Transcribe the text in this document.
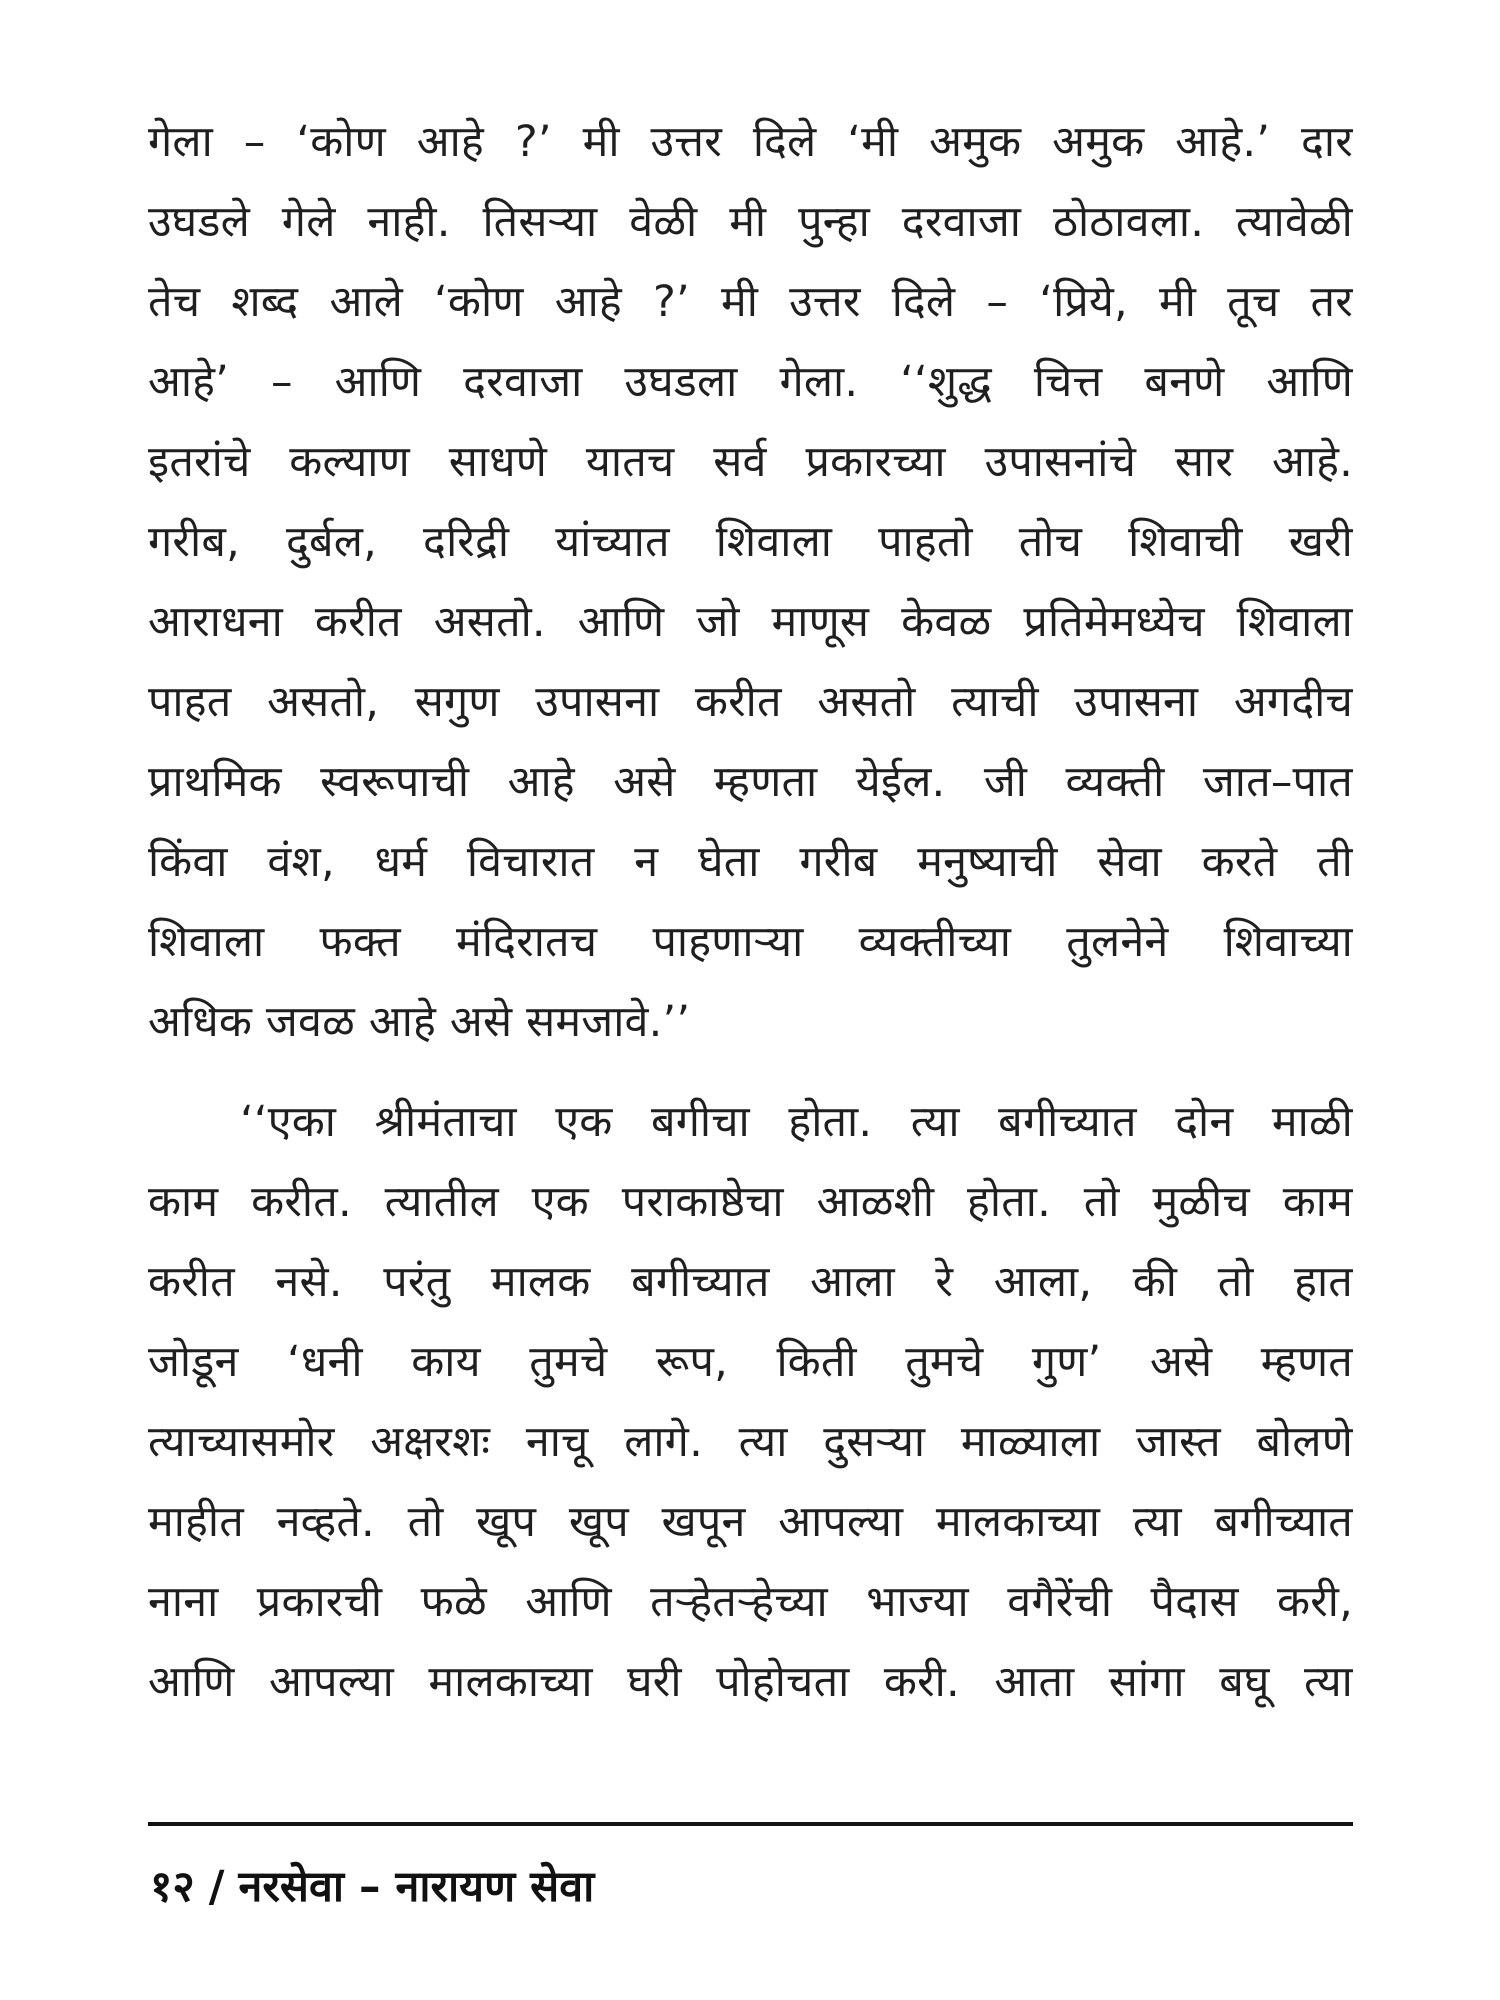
गेला – ‘कोण आहे ?’ मी उत्तर दिले ‘मी अमुक अमुक आहे.’ दार
उघडले गेले नाही. तिसऱ्या वेळी मी पुन्हा दरवाजा ठोठावला. त्यावेळी
तेच शब्द आले ‘कोण आहे ?’ मी उत्तर दिले – ‘प्रिये, मी तूच तर
आहे’ – आणि दरवाजा उघडला गेला. ‘‘शुद्ध चित्त बनणे आणि
इतरांचे कल्याण साधणे यातच सर्व प्रकारच्या उपासनांचे सार आहे.
गरीब, दुर्बल, दरिद्री यांच्यात शिवाला पाहतो तोच शिवाची खरी
आराधना करीत असतो. आणि जो माणूस केवळ प्रतिमेमध्येच शिवाला
पाहत असतो, सगुण उपासना करीत असतो त्याची उपासना अगदीच
प्राथमिक स्वरूपाची आहे असे म्हणता येईल. जी व्यक्ती जात–पात
किंवा वंश, धर्म विचारात न घेता गरीब मनुष्याची सेवा करते ती
शिवाला फक्त मंदिरातच पाहणाऱ्या व्यक्तीच्या तुलनेने शिवाच्या
अधिक जवळ आहे असे समजावे.’’
‘‘एका श्रीमंताचा एक बगीचा होता. त्या बगीच्यात दोन माळी
काम करीत. त्यातील एक पराकाष्ठेचा आळशी होता. तो मुळीच काम
करीत नसे. परंतु मालक बगीच्यात आला रे आला, की तो हात
जोडून ‘धनी काय तुमचे रूप, किती तुमचे गुण’ असे म्हणत
त्याच्यासमोर अक्षरशः नाचू लागे. त्या दुसऱ्या माळ्याला जास्त बोलणे
माहीत नव्हते. तो खूप खूप खपून आपल्या मालकाच्या त्या बगीच्यात
नाना प्रकारची फळे आणि तऱ्हेतऱ्हेच्या भाज्या वगैरेंची पैदास करी,
आणि आपल्या मालकाच्या घरी पोहोचता करी. आता सांगा बघू त्या
१२ / नरसेवा – नारायण सेवा
